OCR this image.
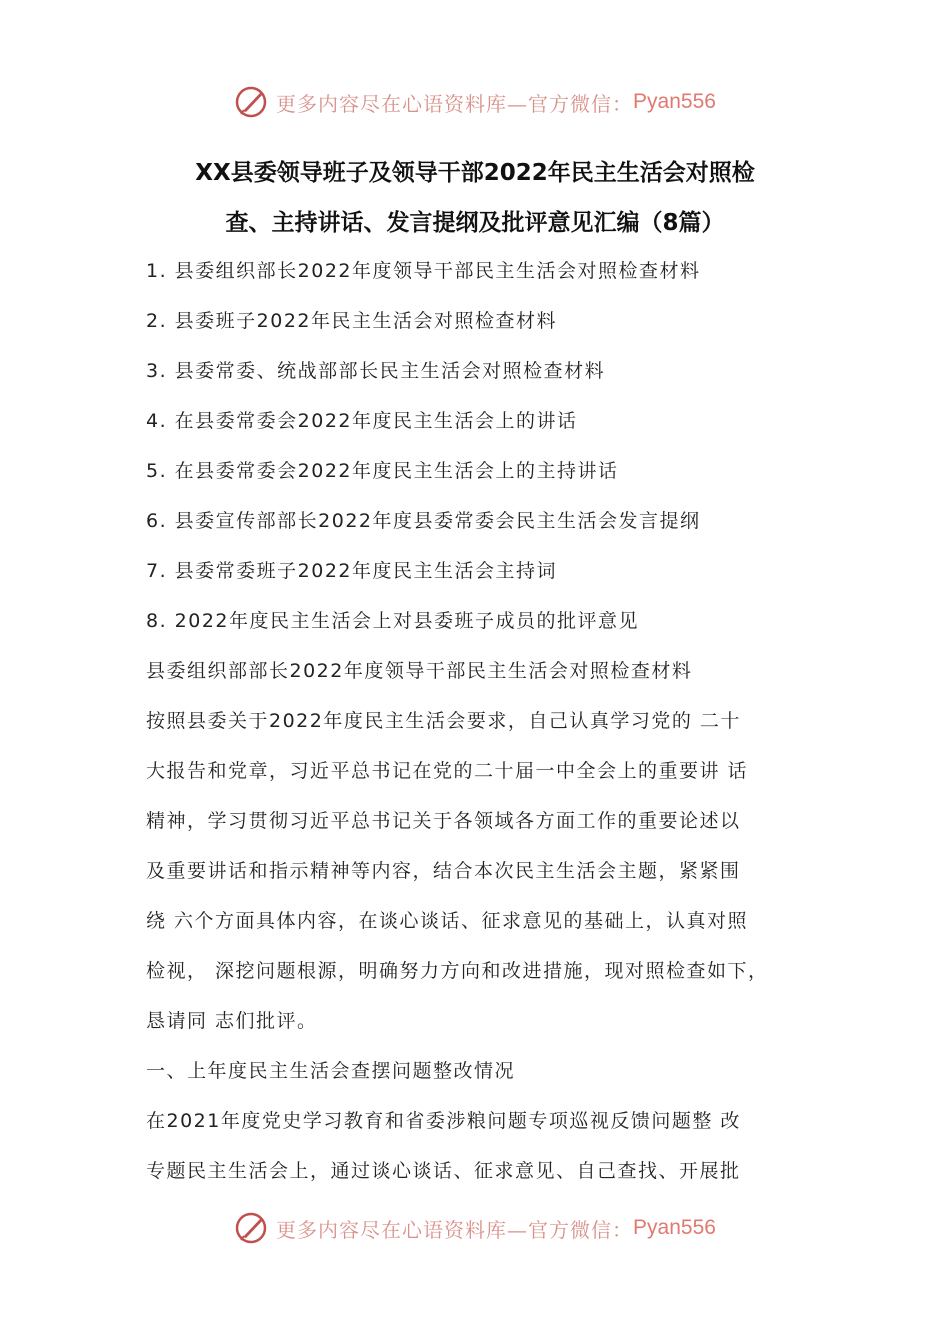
更多内容尽在心语资料库—官方微信： Pyan556
XX县委领导班子及领导干部2022年民主生活会对照检
查、主持讲话、发言提纲及批评意见汇编（8篇）
1. 县委组织部长2022年度领导干部民主生活会对照检查材料
2. 县委班子2022年民主生活会对照检查材料
3. 县委常委、统战部部长民主生活会对照检查材料
4. 在县委常委会2022年度民主生活会上的讲话
5. 在县委常委会2022年度民主生活会上的主持讲话
6. 县委宣传部部长2022年度县委常委会民主生活会发言提纲
7. 县委常委班子2022年度民主生活会主持词
8. 2022年度民主生活会上对县委班子成员的批评意见
县委组织部部长2022年度领导干部民主生活会对照检查材料
按照县委关于2022年度民主生活会要求，自己认真学习党的 二十
大报告和党章，习近平总书记在党的二十届一中全会上的重要讲 话
精神，学习贯彻习近平总书记关于各领域各方面工作的重要论述以
及重要讲话和指示精神等内容，结合本次民主生活会主题，紧紧围
绕 六个方面具体内容，在谈心谈话、征求意见的基础上，认真对照
检视， 深挖问题根源，明确努力方向和改进措施，现对照检查如下，
恳请同 志们批评。
一、上年度民主生活会查摆问题整改情况
在2021年度党史学习教育和省委涉粮问题专项巡视反馈问题整 改
专题民主生活会上，通过谈心谈话、征求意见、自己查找、开展批
更多内容尽在心语资料库—官方微信： Pyan556
